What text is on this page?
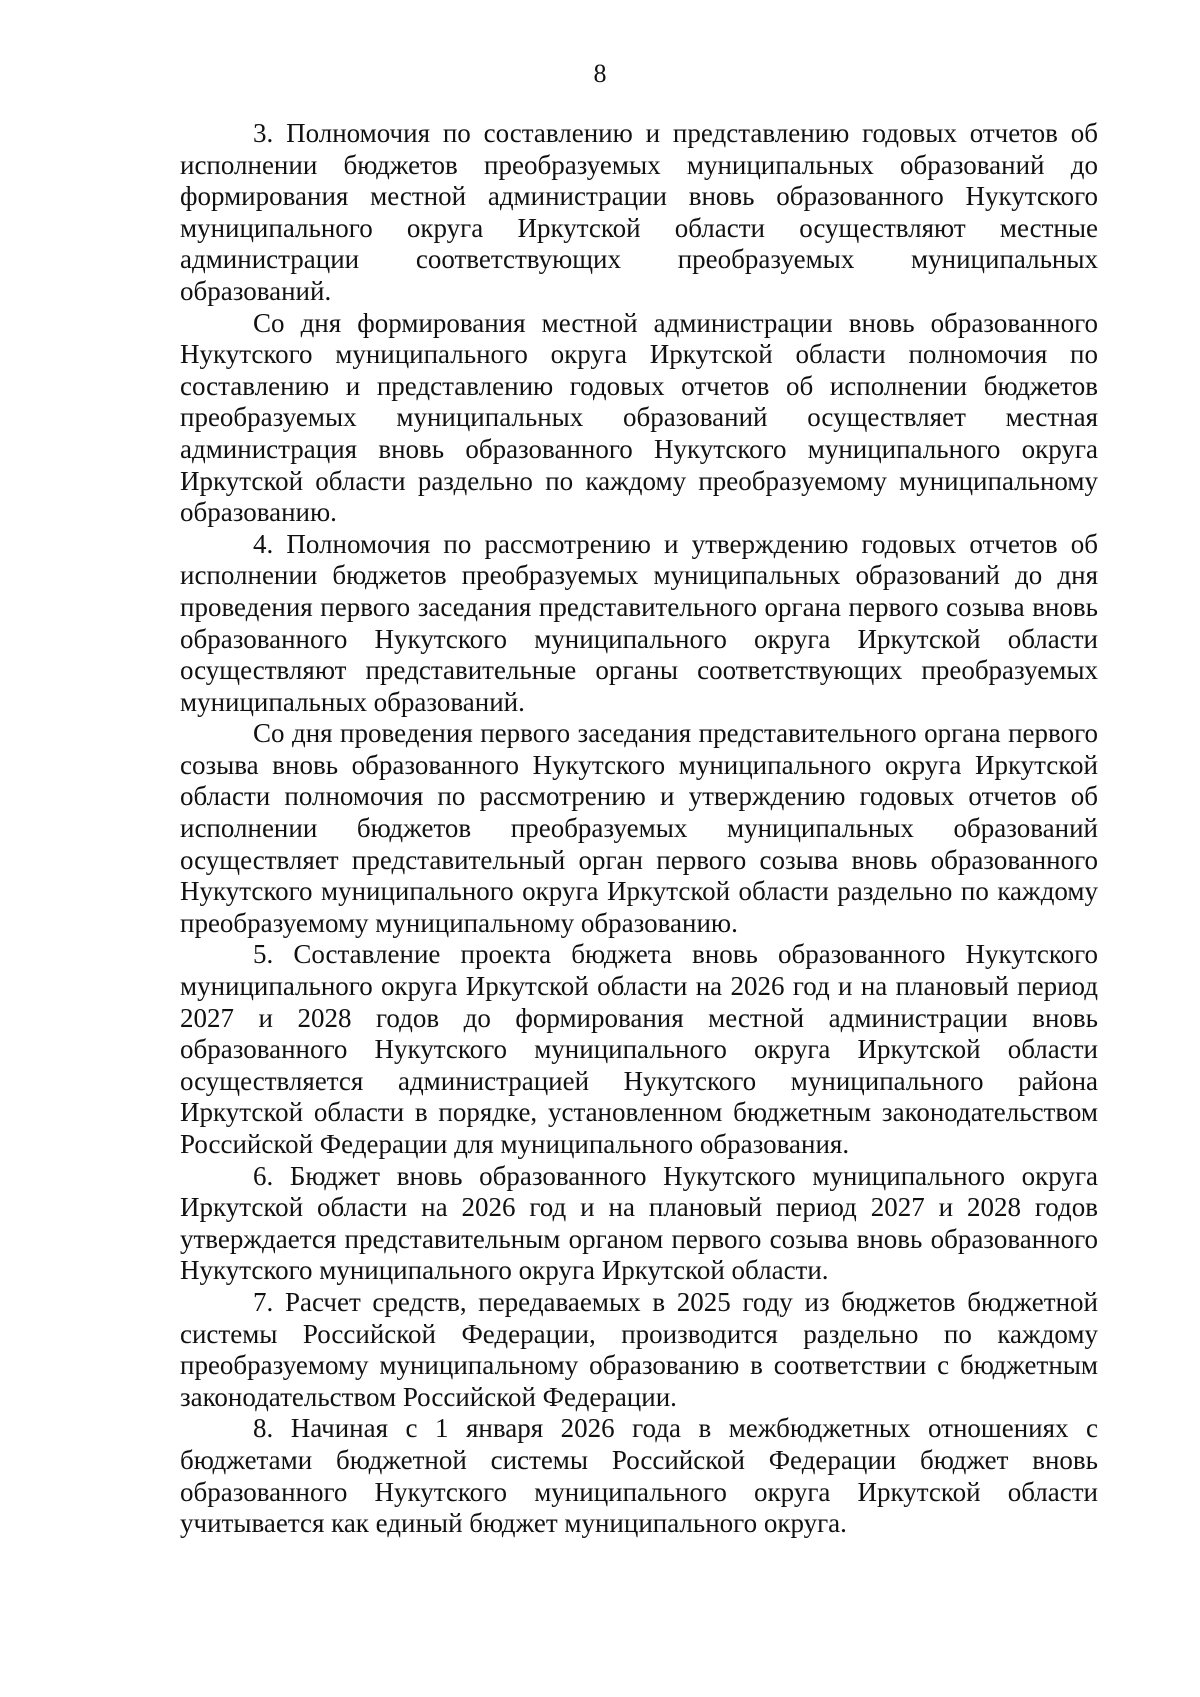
8

3. Полномочия по составлению и представлению годовых отчетов об исполнении бюджетов преобразуемых муниципальных образований до формирования местной администрации вновь образованного Нукутского муниципального округа Иркутской области осуществляют местные администрации соответствующих преобразуемых муниципальных образований.

Со дня формирования местной администрации вновь образованного Нукутского муниципального округа Иркутской области полномочия по составлению и представлению годовых отчетов об исполнении бюджетов преобразуемых муниципальных образований осуществляет местная администрация вновь образованного Нукутского муниципального округа Иркутской области раздельно по каждому преобразуемому муниципальному образованию.

4. Полномочия по рассмотрению и утверждению годовых отчетов об исполнении бюджетов преобразуемых муниципальных образований до дня проведения первого заседания представительного органа первого созыва вновь образованного Нукутского муниципального округа Иркутской области осуществляют представительные органы соответствующих преобразуемых муниципальных образований.

Со дня проведения первого заседания представительного органа первого созыва вновь образованного Нукутского муниципального округа Иркутской области полномочия по рассмотрению и утверждению годовых отчетов об исполнении бюджетов преобразуемых муниципальных образований осуществляет представительный орган первого созыва вновь образованного Нукутского муниципального округа Иркутской области раздельно по каждому преобразуемому муниципальному образованию.

5. Составление проекта бюджета вновь образованного Нукутского муниципального округа Иркутской области на 2026 год и на плановый период 2027 и 2028 годов до формирования местной администрации вновь образованного Нукутского муниципального округа Иркутской области осуществляется администрацией Нукутского муниципального района Иркутской области в порядке, установленном бюджетным законодательством Российской Федерации для муниципального образования.

6. Бюджет вновь образованного Нукутского муниципального округа Иркутской области на 2026 год и на плановый период 2027 и 2028 годов утверждается представительным органом первого созыва вновь образованного Нукутского муниципального округа Иркутской области.

7. Расчет средств, передаваемых в 2025 году из бюджетов бюджетной системы Российской Федерации, производится раздельно по каждому преобразуемому муниципальному образованию в соответствии с бюджетным законодательством Российской Федерации.

8. Начиная с 1 января 2026 года в межбюджетных отношениях с бюджетами бюджетной системы Российской Федерации бюджет вновь образованного Нукутского муниципального округа Иркутской области учитывается как единый бюджет муниципального округа.
